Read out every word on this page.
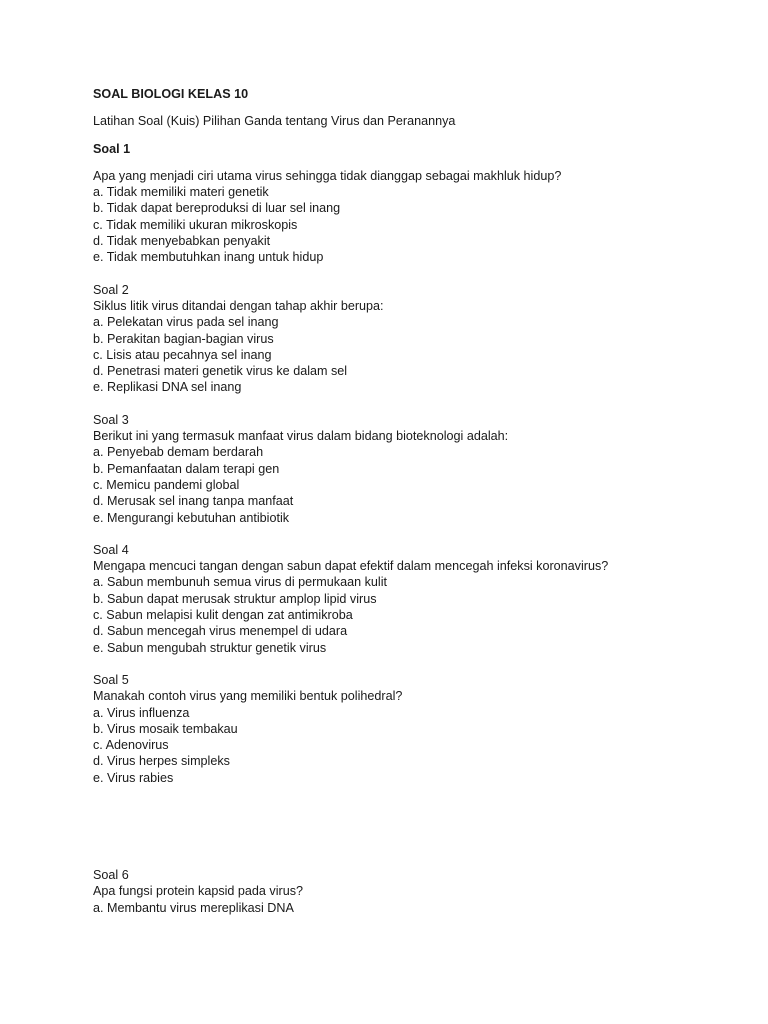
SOAL BIOLOGI KELAS 10

Latihan Soal (Kuis) Pilihan Ganda tentang Virus dan Peranannya

Soal 1

Apa yang menjadi ciri utama virus sehingga tidak dianggap sebagai makhluk hidup?

a. Tidak memiliki materi genetik

b. Tidak dapat bereproduksi di luar sel inang

c. Tidak memiliki ukuran mikroskopis

d. Tidak menyebabkan penyakit

e. Tidak membutuhkan inang untuk hidup

Soal 2

Siklus litik virus ditandai dengan tahap akhir berupa:

a. Pelekatan virus pada sel inang

b. Perakitan bagian-bagian virus

c. Lisis atau pecahnya sel inang

d. Penetrasi materi genetik virus ke dalam sel

e. Replikasi DNA sel inang

Soal 3

Berikut ini yang termasuk manfaat virus dalam bidang bioteknologi adalah:

a. Penyebab demam berdarah

b. Pemanfaatan dalam terapi gen

c. Memicu pandemi global

d. Merusak sel inang tanpa manfaat

e. Mengurangi kebutuhan antibiotik

Soal 4

Mengapa mencuci tangan dengan sabun dapat efektif dalam mencegah infeksi koronavirus?

a. Sabun membunuh semua virus di permukaan kulit

b. Sabun dapat merusak struktur amplop lipid virus

c. Sabun melapisi kulit dengan zat antimikroba

d. Sabun mencegah virus menempel di udara

e. Sabun mengubah struktur genetik virus

Soal 5

Manakah contoh virus yang memiliki bentuk polihedral?

a. Virus influenza

b. Virus mosaik tembakau

c. Adenovirus

d. Virus herpes simpleks

e. Virus rabies

Soal 6

Apa fungsi protein kapsid pada virus?

a. Membantu virus mereplikasi DNA
